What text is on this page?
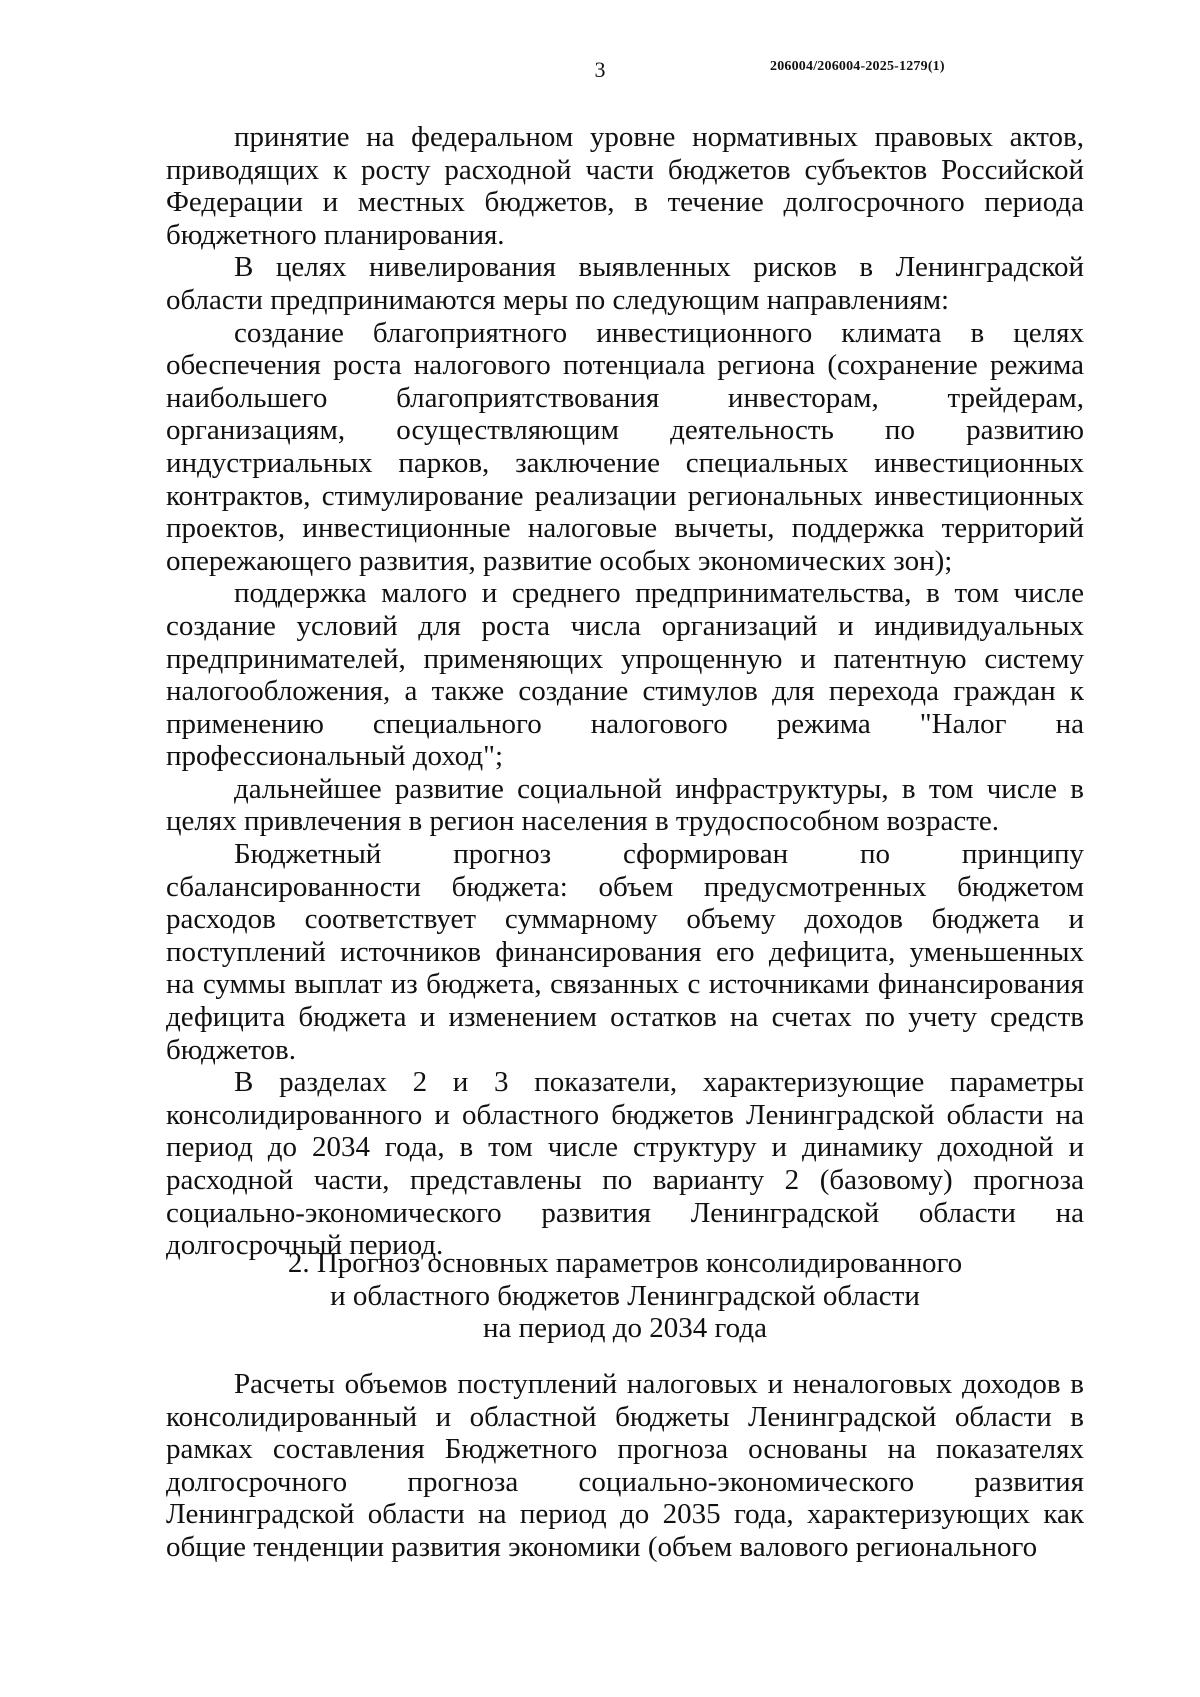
3	206004/206004-2025-1279(1)

принятие на федеральном уровне нормативных правовых актов, приводящих к росту расходной части бюджетов субъектов Российской Федерации и местных бюджетов, в течение долгосрочного периода бюджетного планирования.

В целях нивелирования выявленных рисков в Ленинградской области предпринимаются меры по следующим направлениям:

создание благоприятного инвестиционного климата в целях обеспечения роста налогового потенциала региона (сохранение режима наибольшего благоприятствования инвесторам, трейдерам, организациям, осуществляющим деятельность по развитию индустриальных парков, заключение специальных инвестиционных контрактов, стимулирование реализации региональных инвестиционных проектов, инвестиционные налоговые вычеты, поддержка территорий опережающего развития, развитие особых экономических зон);

поддержка малого и среднего предпринимательства, в том числе создание условий для роста числа организаций и индивидуальных предпринимателей, применяющих упрощенную и патентную систему налогообложения, а также создание стимулов для перехода граждан к применению специального налогового режима "Налог на профессиональный доход";

дальнейшее развитие социальной инфраструктуры, в том числе в целях привлечения в регион населения в трудоспособном возрасте.

Бюджетный прогноз сформирован по принципу сбалансированности бюджета: объем предусмотренных бюджетом расходов соответствует суммарному объему доходов бюджета и поступлений источников финансирования его дефицита, уменьшенных на суммы выплат из бюджета, связанных с источниками финансирования дефицита бюджета и изменением остатков на счетах по учету средств бюджетов.

В разделах 2 и 3 показатели, характеризующие параметры консолидированного и областного бюджетов Ленинградской области на период до 2034 года, в том числе структуру и динамику доходной и расходной части, представлены по варианту 2 (базовому) прогноза социально-экономического развития Ленинградской области на долгосрочный период.

2. Прогноз основных параметров консолидированного
и областного бюджетов Ленинградской области
на период до 2034 года

Расчеты объемов поступлений налоговых и неналоговых доходов в консолидированный и областной бюджеты Ленинградской области в рамках составления Бюджетного прогноза основаны на показателях долгосрочного прогноза социально-экономического развития Ленинградской области на период до 2035 года, характеризующих как общие тенденции развития экономики (объем валового регионального
